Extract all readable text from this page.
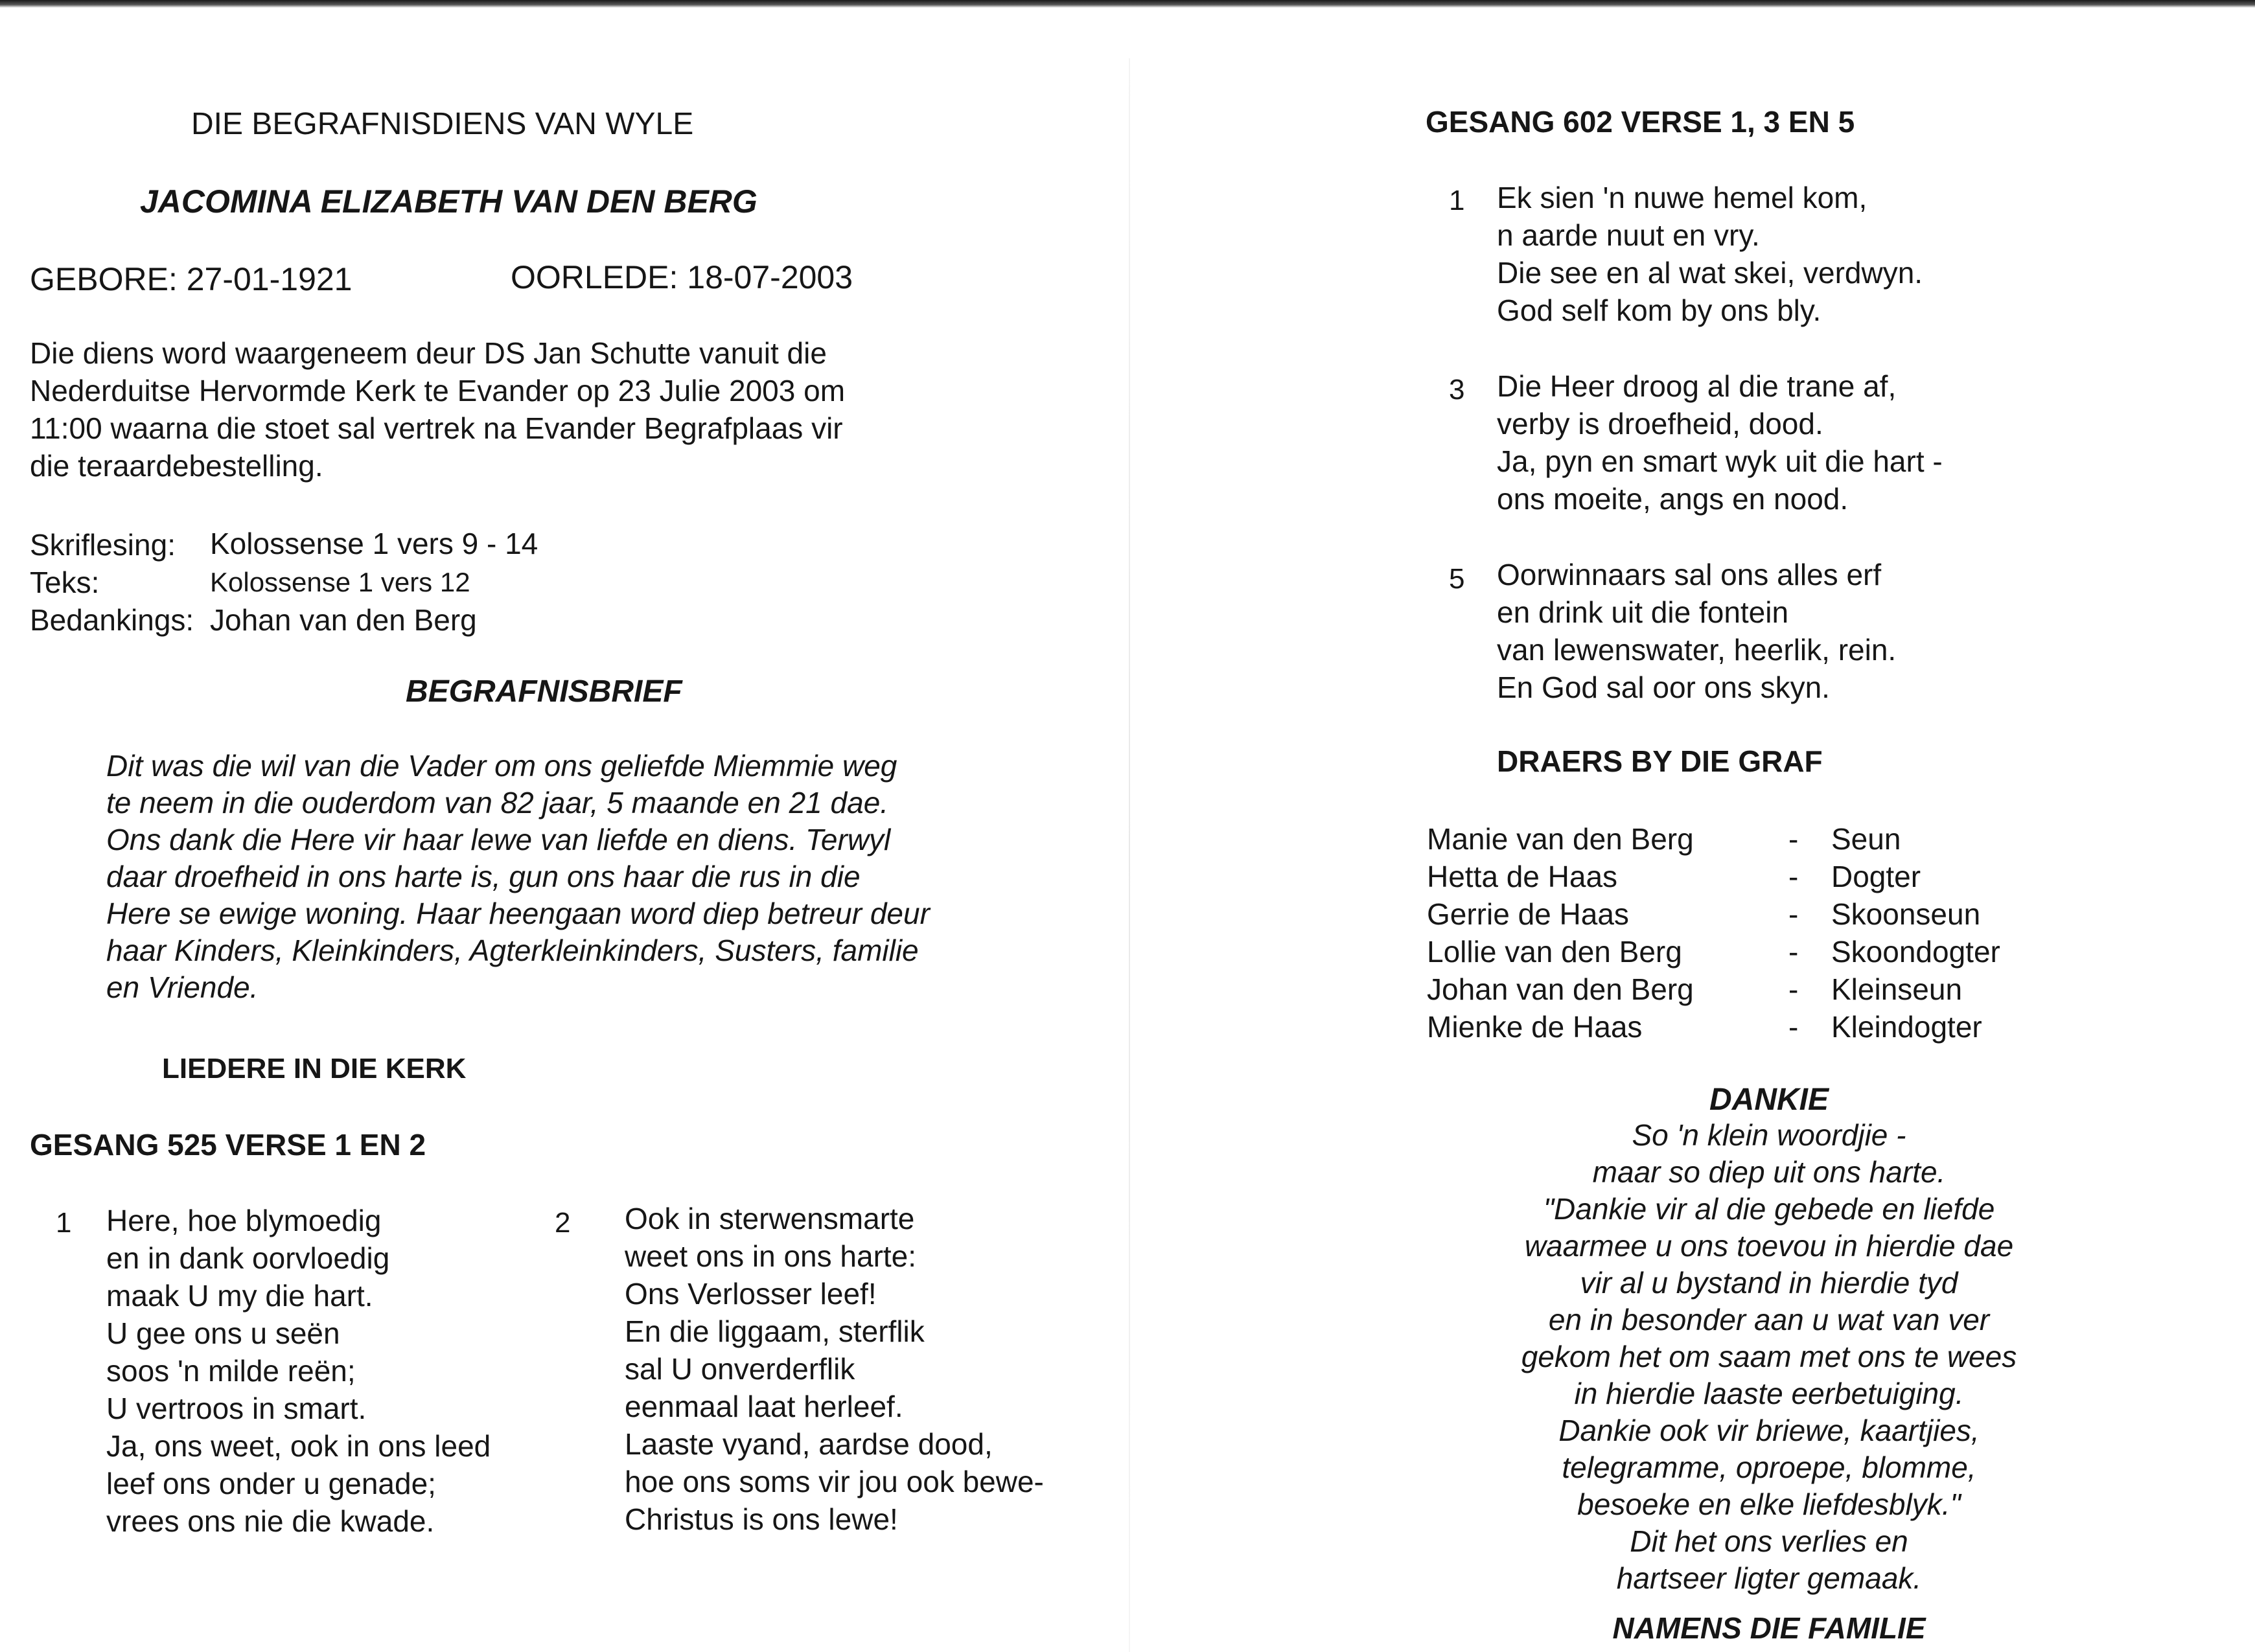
DIE BEGRAFNISDIENS VAN WYLE
JACOMINA ELIZABETH VAN DEN BERG
GEBORE: 27-01-1921	OORLEDE: 18-07-2003
Die diens word waargeneem deur DS Jan Schutte vanuit die
Nederduitse Hervormde Kerk te Evander op 23 Julie 2003 om
11:00 waarna die stoet sal vertrek na Evander Begrafplaas vir
die teraardebestelling.
Skriflesing: Kolossense 1 vers 9 - 14
Teks:	Kolossense 1 vers 12
Bedankings: Johan van den Berg
BEGRAFNISBRIEF
Dit was die wil van die Vader om ons geliefde Miemmie weg
te neem in die ouderdom van 82 jaar, 5 maande en 21 dae.
Ons dank die Here vir haar lewe van liefde en diens. Terwyl
daar droefheid in ons harte is, gun ons haar die rus in die
Here se ewige woning. Haar heengaan word diep betreur deur
haar Kinders, Kleinkinders, Agterkleinkinders, Susters, familie
en Vriende.
LIEDERE IN DIE KERK
GESANG 525 VERSE 1 EN 2
1 Here, hoe blymoedig
en in dank oorvloedig
maak U my die hart.
U gee ons u seën
soos 'n milde reën;
U vertroos in smart.
Ja, ons weet, ook in ons leed
leef ons onder u genade;
vrees ons nie die kwade.
2 Ook in sterwensmarte
weet ons in ons harte:
Ons Verlosser leef!
En die liggaam, sterflik
sal U onverderflik
eenmaal laat herleef.
Laaste vyand, aardse dood,
hoe ons soms vir jou ook bewe-
Christus is ons lewe!
GESANG 602 VERSE 1, 3 EN 5
1 Ek sien 'n nuwe hemel kom,
n aarde nuut en vry.
Die see en al wat skei, verdwyn.
God self kom by ons bly.
3 Die Heer droog al die trane af,
verby is droefheid, dood.
Ja, pyn en smart wyk uit die hart -
ons moeite, angs en nood.
5 Oorwinnaars sal ons alles erf
en drink uit die fontein
van lewenswater, heerlik, rein.
En God sal oor ons skyn.
DRAERS BY DIE GRAF
Manie van den Berg
Hetta de Haas
Gerrie de Haas
Lollie van den Berg
Johan van den Berg
Mienke de Haas
-
-
-
-
-
-
Seun
Dogter
Skoonseun
Skoondogter
Kleinseun
Kleindogter
DANKIE
So 'n klein woordjie -
maar so diep uit ons harte.
"Dankie vir al die gebede en liefde
waarmee u ons toevou in hierdie dae
vir al u bystand in hierdie tyd
en in besonder aan u wat van ver
gekom het om saam met ons te wees
in hierdie laaste eerbetuiging.
Dankie ook vir briewe, kaartjies,
telegramme, oproepe, blomme,
besoeke en elke liefdesblyk."
Dit het ons verlies en
hartseer ligter gemaak.
NAMENS DIE FAMILIE
